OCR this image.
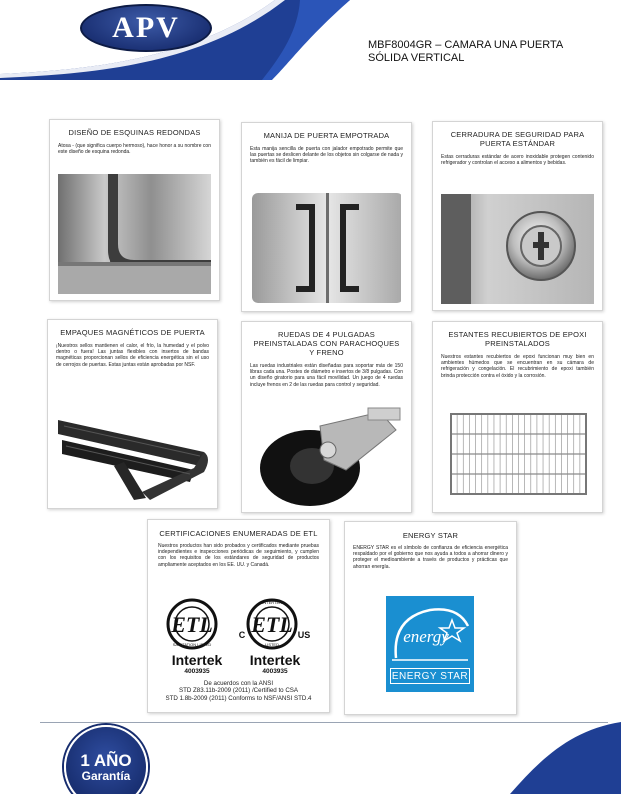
APV
MBF8004GR – CAMARA UNA PUERTA
SÓLIDA VERTICAL
DISEÑO DE ESQUINAS REDONDAS
Atosa - (que significa cuerpo hermoso), hace honor a su nombre con este diseño de esquina redonda.
MANIJA DE PUERTA EMPOTRADA
Esta manija sencilla de puerta con jalador empotrado permite que las puertas se deslicen delante de los objetos sin colgarse de nada y también es fácil de limpiar.
CERRADURA DE SEGURIDAD PARA PUERTA ESTÁNDAR
Estas cerraduras estándar de acero inoxidable protegen contenido refrigerador y controlan el acceso a alimentos y bebidas.
EMPAQUES MAGNÉTICOS DE PUERTA
¡Nuestros sellos mantienen el calor, el frío, la humedad y el polvo dentro o fuera! Las juntas flexibles con insertos de bandas magnéticas proporcionan sellos de eficiencia energética sin el uso de cerrojos de puertas. Estas juntas están aprobadas por NSF.
RUEDAS DE 4 PULGADAS PREINSTALADAS CON PARACHOQUES Y FRENO
Las ruedas industriales están diseñadas para soportar más de 150 libras cada una. Postes de diámetro e insertos de 3/8 pulgadas. Con un diseño giratorio para una fácil movilidad. Un juego de 4 ruedas incluye frenos en 2 de las ruedas para control y seguridad.
ESTANTES RECUBIERTOS DE EPOXI PREINSTALADOS
Nuestros estantes recubiertos de epoxi funcionan muy bien en ambientes húmedos que se encuentran en su cámara de refrigeración y congelación. El recubrimiento de epoxi también brinda protección contra el óxido y la corrosión.
CERTIFICACIONES ENUMERADAS DE ETL
Nuestros productos han sido probados y certificados mediante pruebas independientes e inspecciones periódicas de seguimiento, y cumplen con los requisitos de los estándares de seguridad de productos ampliamente aceptados en los EE. UU. y Canadá.
ETL
SANITATION LISTED
ETL
INTERTEK
LISTED
C	US
Intertek
4003935
Intertek
4003935
De acuerdos con la ANSI
STD Z83.11b-2009 (2011) /Certified to CSA
STD 1.8b-2009 (2011) Conforms to NSF/ANSI STD.4
ENERGY STAR
ENERGY STAR es el símbolo de confianza de eficiencia energética respaldado por el gobierno que nos ayuda a todos a ahorrar dinero y proteger el medioambiente a través de productos y prácticas que ahorran energía.
energy
ENERGY STAR
1 AÑO
Garantía
